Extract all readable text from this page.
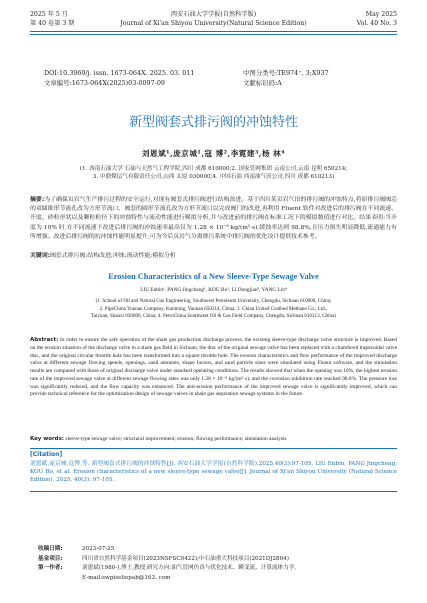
2025 年 5 月
第 40 卷第 3 期
西安石油大学学报(自然科学版)
Journal of Xi'an Shiyou University(Natural Science Edition)
May 2025
Vol. 40 No. 3
DOI:10.3969/j. issn. 1673-064X. 2025. 03. 011	中图分类号:TE974⁺. 3;X937
文章编号:1673-064X(2025)03-0097-09	文献标识码:A
新型阀套式排污阀的冲蚀特性
刘恩斌¹,庞京城¹,寇 博²,李霓建³,杨 林⁴
(1. 西南石油大学 石油与天然气工程学院,四川 成都 610000;2. 国家管网集团 云南公司,云南 昆明 650214;
3. 中联煤层气有限责任公司,山西 太原 030000;4. 中国石油 西南油气田公司,四川 成都 610213)
摘要:为了确保页岩气生产排污过程的安全运行,对现有阀套式排污阀进行结构改进。基于四川某页岩气田的排污阀的冲蚀特点,将原排污阀阀芯的双圆锥形节流孔改为方形节流口、阀套的圆形节流孔改为方形节流口以完成阀门的改进,再利用 Fluent 软件对改进后的排污阀在不同流速、开度、砂粒形状以及颗粒粒径下的冲蚀特性与流动性能进行模拟分析,并与改进前的排污阀在标准工况下的模拟数值进行对比。结果表明:当开度为 10% 时,在不同流速下改进后排污阀的冲蚀速率最高仅为 1.28 × 10⁻⁸ kg/(m²·s),缓蚀率达到 98.8%,且压力损失明显降低,流通能力有所增强。改进后排污阀的抗冲蚀性能明显提升,可为今后页岩气分离排污系统中排污阀的优化设计提供技术参考。
关键词:阀套式排污阀;结构改进;冲蚀;流动性能;模拟分析
Erosion Characteristics of a New Sleeve-Type Sewage Valve
LIU Enbin¹, PANG Jingcheng¹, KOU Bo², LI Dongjian³, YANG Lin⁴
(1. School of Oil and Natural Gas Engineering, Southwest Petroleum University, Chengdu, Sichuan 610000, China;
2. PipeChina Yunnan Company, Kunming, Yunnan 650214, China; 3. China United Coalbed Methane Co., Ltd.,
Taiyuan, Shanxi 030000, China; 4. PetroChina Southwest Oil & Gas Field Company, Chengdu, Sichuan 610213, China)
Abstract: In order to ensure the safe operation of the shale gas production discharge process, the existing sleeve-type discharge valve structure is improved. Based on the erosion situation of the discharge valve in a shale gas field in Sichuan, the disc of the original sewage valve has been replaced with a chamfered trapezoidal valve disc, and the original circular throttle hole has been transformed into a square throttle hole. The erosion characteristics and flow performance of the improved discharge valve at different sewage flowing speeds, openings, sand amounts, shape factors, and sand particle sizes were simulated using Fluent software, and the simulation results are compared with those of original discharge valve under standard operating conditions. The results showed that when the opening was 10%, the highest erosion rate of the improved sewage valve at different sewage flowing rates was only 1.28 × 10⁻⁸ kg/(m²·s), and the corrosion inhibition rate reached 98.8%. The pressure loss was significantly reduced, and the flow capacity was enhanced. The anti-erosion performance of the improved sewage valve is significantly improved, which can provide technical reference for the optimization design of sewage valves in shale gas separation sewage systems in the future.
Key words: sleeve-type sewage valve; structural improvement; erosion; flowing performance; simulation analysis
[Citation]
刘恩斌,庞京城,寇博,等. 新型阀套式排污阀的冲蚀特性[J]. 西安石油大学学报(自然科学版),2025,40(3):97-105. LIU Enbin, PANG Jingcheng, KOU Bo, et al. Erosion characteristics of a new sleeve-type sewage valve[J]. Journal of Xi'an Shiyou University (Natural Science Edition), 2025, 40(3): 97-105.
收稿日期:	2023-07-25
基金项目:	四川省自然科学基金项目(2023NSFSC0422);中石油重大科技项目(2021DJ2804)
第一作者:	刘恩斌(1980-),博士,教授,研究方向:油气管网仿真与优化技术、瞬变流、计算流体力学。
E-mail:swpiseliepab@163. com
